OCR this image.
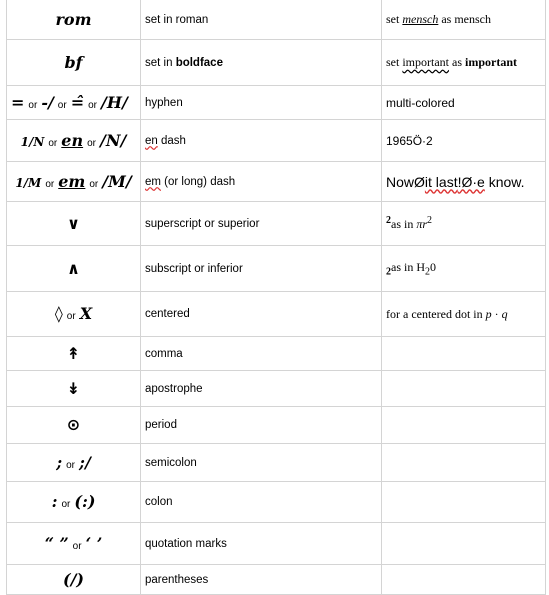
rom	set in roman	set mensch as mensch
bf	set in boldface	set important as important
= or -/ or =̂ or /H/	hyphen	multi-colored
1/N or en or /N/	en dash	1965Ö·2
1/M or em or /M/	em (or long) dash	NowØit last!Ø·e know.
∨	superscript or superior	$^2$as in $\pi r^2$
∧	subscript or inferior	$_2$as in $H_20$
◊ or X	centered	for a centered dot in p · q
↟	comma	
↡	apostrophe	
⊙	period	
; or ;/	semicolon	
: or (:)	colon	
“ ” or ‘ ’	quotation marks	
(/)	parentheses	
